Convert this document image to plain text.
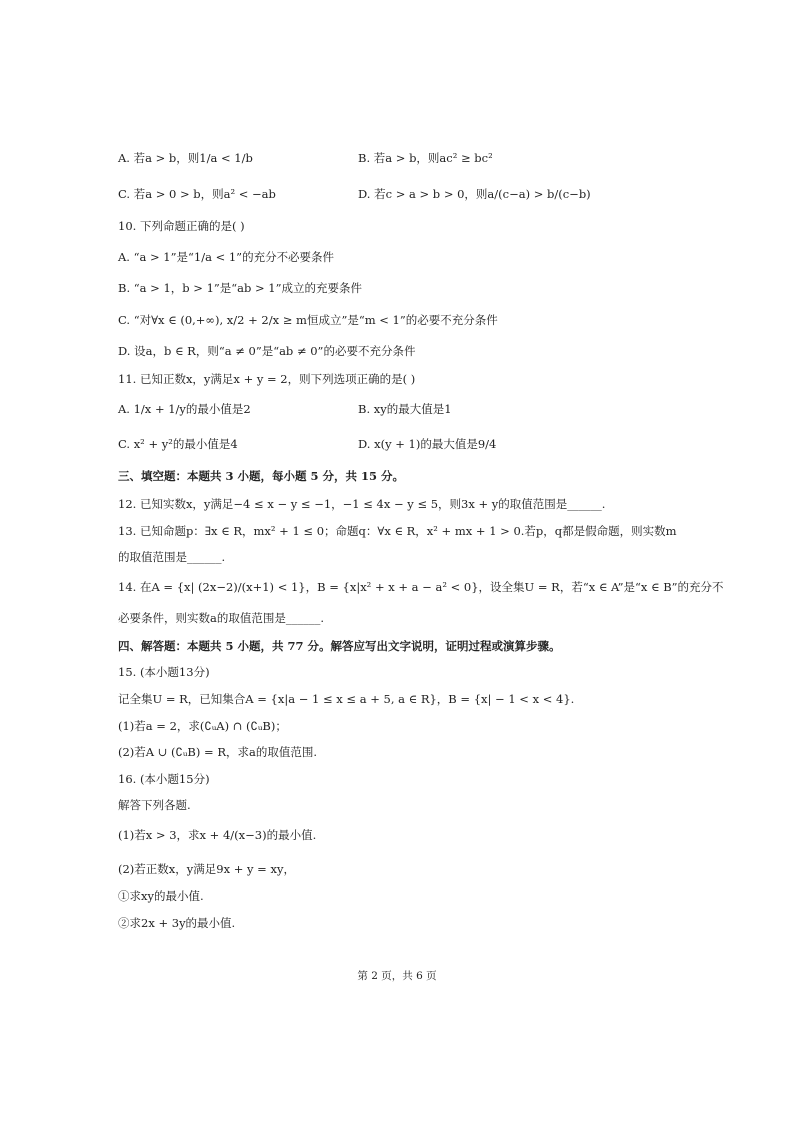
A. 若a > b，则1/a < 1/b	B. 若a > b，则ac² ≥ bc²
C. 若a > 0 > b，则a² < −ab	D. 若c > a > b > 0，则a/(c−a) > b/(c−b)
10. 下列命题正确的是( )
A. “a > 1”是“1/a < 1”的充分不必要条件
B. “a > 1，b > 1”是“ab > 1”成立的充要条件
C. “对∀x ∈ (0,+∞), x/2 + 2/x ≥ m恒成立”是“m < 1”的必要不充分条件
D. 设a，b ∈ R，则“a ≠ 0”是“ab ≠ 0”的必要不充分条件
11. 已知正数x，y满足x + y = 2，则下列选项正确的是( )
A. 1/x + 1/y的最小值是2	B. xy的最大值是1
C. x² + y²的最小值是4	D. x(y + 1)的最大值是9/4
三、填空题：本题共 3 小题，每小题 5 分，共 15 分。
12. 已知实数x，y满足−4 ≤ x − y ≤ −1，−1 ≤ 4x − y ≤ 5，则3x + y的取值范围是______.
13. 已知命题p：∃x ∈ R，mx² + 1 ≤ 0；命题q：∀x ∈ R，x² + mx + 1 > 0.若p，q都是假命题，则实数m
的取值范围是______.
14. 在A = {x| (2x−2)/(x+1) < 1}，B = {x|x² + x + a − a² < 0}，设全集U = R，若“x ∈ A”是“x ∈ B”的充分不
必要条件，则实数a的取值范围是______.
四、解答题：本题共 5 小题，共 77 分。解答应写出文字说明，证明过程或演算步骤。
15. (本小题13分)
记全集U = R，已知集合A = {x|a − 1 ≤ x ≤ a + 5, a ∈ R}，B = {x| − 1 < x < 4}.
(1)若a = 2，求(∁ᵤA) ∩ (∁ᵤB)；
(2)若A ∪ (∁ᵤB) = R，求a的取值范围.
16. (本小题15分)
解答下列各题.
(1)若x > 3，求x + 4/(x−3)的最小值.
(2)若正数x，y满足9x + y = xy，
①求xy的最小值.
②求2x + 3y的最小值.
第 2 页，共 6 页
